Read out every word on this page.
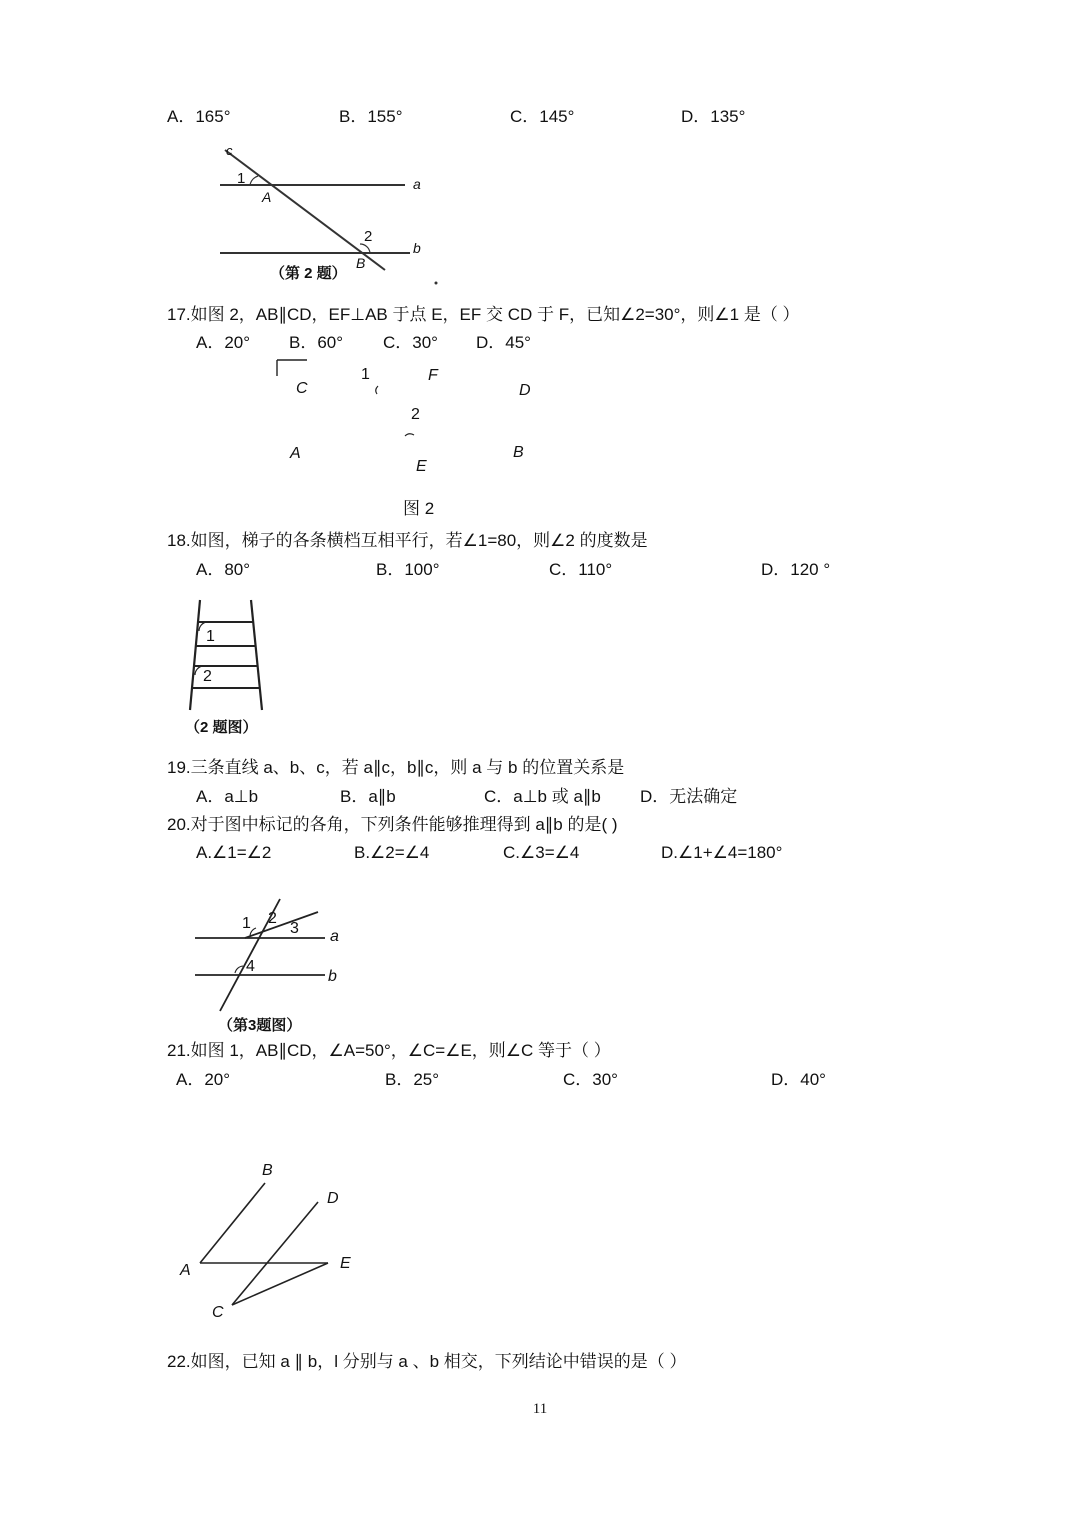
A．165°	B．155°	C．145°	D．135°
c
1
A
a
2
b
B
（第 2 题）
17.如图 2，AB∥CD，EF⊥AB 于点 E，EF 交 CD 于 F，已知∠2=30°，则∠1 是（ ）
A．20° B．60° C．30° D．45°
C
1	F
D
2
A	B
E
图 2
18.如图，梯子的各条横档互相平行，若∠1=80，则∠2 的度数是
A．80°	B．100°	C．110°	D．120 °
1
2
（2 题图）
19.三条直线 a、b、c，若 a∥c，b∥c，则 a 与 b 的位置关系是
A．a⊥b	B．a∥b	C．a⊥b 或 a∥b D．无法确定
20.对于图中标记的各角，下列条件能够推理得到 a∥b 的是( )
A.∠1=∠2	B.∠2=∠4	C.∠3=∠4	D.∠1+∠4=180°
1 2
3 a
4
b
（第3题图）
21.如图 1，AB∥CD，∠A=50°，∠C=∠E，则∠C 等于（ ）
A．20°	B．25°	C．30°	D．40°
B
D
A	E
C
22.如图，已知 a ∥ b，l 分别与 a 、b 相交，下列结论中错误的是（ ）
11
